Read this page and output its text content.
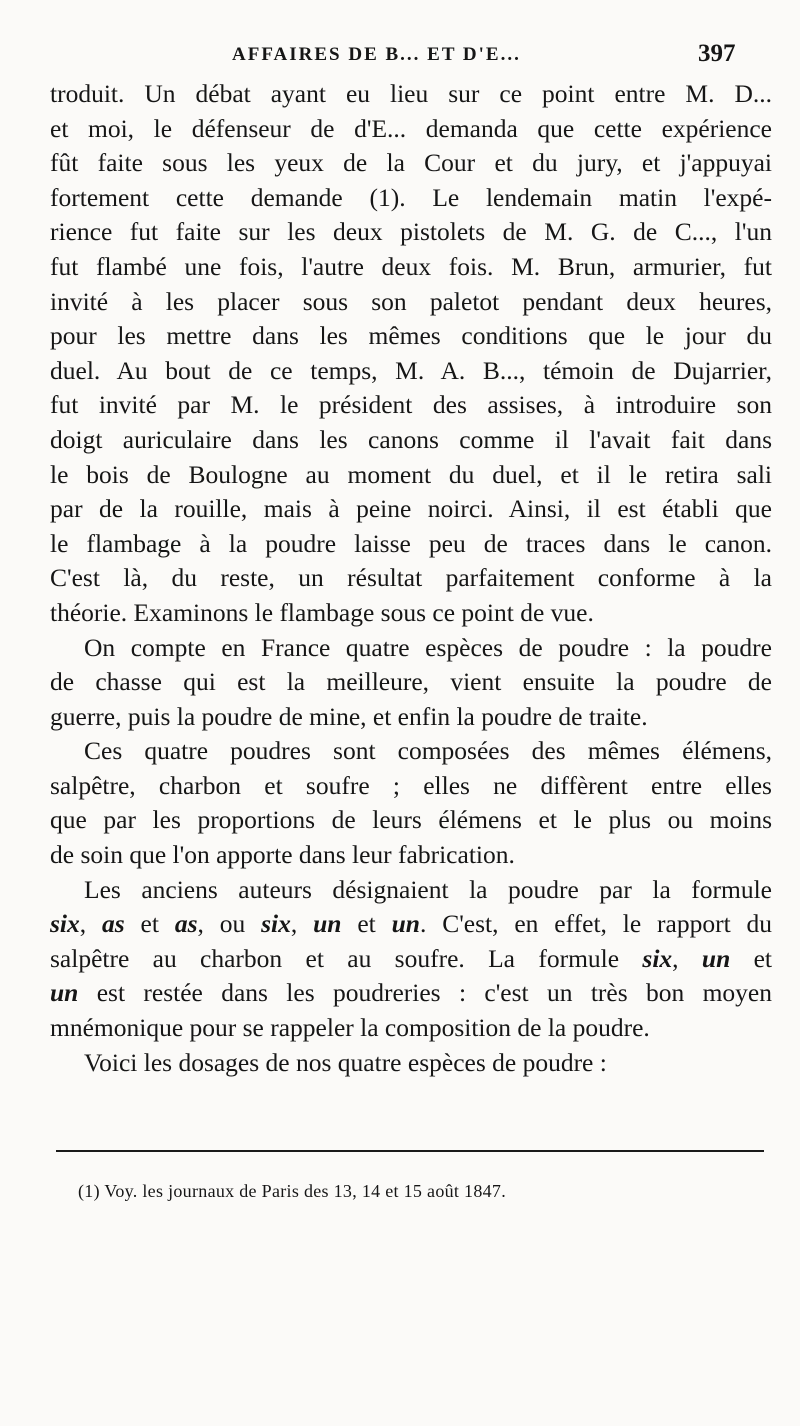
AFFAIRES DE B... ET D'E...	397
troduit. Un débat ayant eu lieu sur ce point entre M. D...
et moi, le défenseur de d'E... demanda que cette expérience
fût faite sous les yeux de la Cour et du jury, et j'appuyai
fortement cette demande (1). Le lendemain matin l'expé-
rience fut faite sur les deux pistolets de M. G. de C..., l'un
fut flambé une fois, l'autre deux fois. M. Brun, armurier, fut
invité à les placer sous son paletot pendant deux heures,
pour les mettre dans les mêmes conditions que le jour du
duel. Au bout de ce temps, M. A. B..., témoin de Dujarrier,
fut invité par M. le président des assises, à introduire son
doigt auriculaire dans les canons comme il l'avait fait dans
le bois de Boulogne au moment du duel, et il le retira sali
par de la rouille, mais à peine noirci. Ainsi, il est établi que
le flambage à la poudre laisse peu de traces dans le canon.
C'est là, du reste, un résultat parfaitement conforme à la
théorie. Examinons le flambage sous ce point de vue.
On compte en France quatre espèces de poudre : la poudre
de chasse qui est la meilleure, vient ensuite la poudre de
guerre, puis la poudre de mine, et enfin la poudre de traite.
Ces quatre poudres sont composées des mêmes élémens,
salpêtre, charbon et soufre ; elles ne diffèrent entre elles
que par les proportions de leurs élémens et le plus ou moins
de soin que l'on apporte dans leur fabrication.
Les anciens auteurs désignaient la poudre par la formule
six, as et as, ou six, un et un. C'est, en effet, le rapport du
salpêtre au charbon et au soufre. La formule six, un et
un est restée dans les poudreries : c'est un très bon moyen
mnémonique pour se rappeler la composition de la poudre.
Voici les dosages de nos quatre espèces de poudre :
(1) Voy. les journaux de Paris des 13, 14 et 15 août 1847.
